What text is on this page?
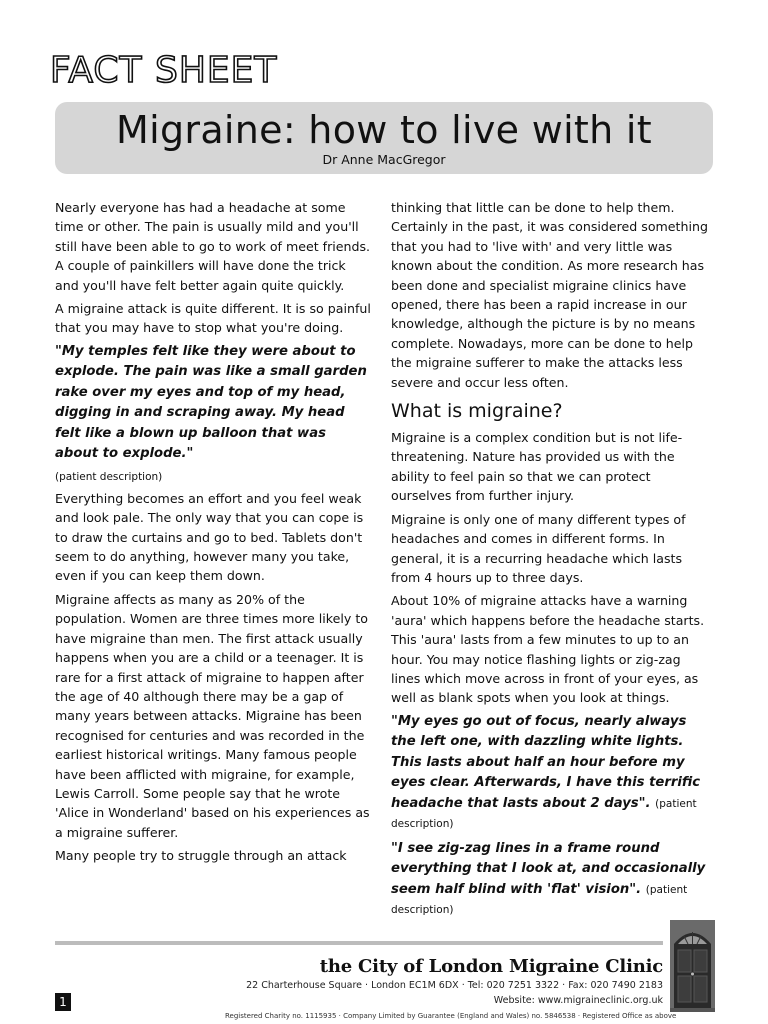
FACT SHEET
Migraine: how to live with it
Dr Anne MacGregor

Nearly everyone has had a headache at some time or other. The pain is usually mild and you'll still have been able to go to work of meet friends. A couple of painkillers will have done the trick and you'll have felt better again quite quickly.

A migraine attack is quite different. It is so painful that you may have to stop what you're doing.

"My temples felt like they were about to explode. The pain was like a small garden rake over my eyes and top of my head, digging in and scraping away. My head felt like a blown up balloon that was about to explode."

(patient description)

Everything becomes an effort and you feel weak and look pale. The only way that you can cope is to draw the curtains and go to bed. Tablets don't seem to do anything, however many you take, even if you can keep them down.

Migraine affects as many as 20% of the population. Women are three times more likely to have migraine than men. The first attack usually happens when you are a child or a teenager. It is rare for a first attack of migraine to happen after the age of 40 although there may be a gap of many years between attacks. Migraine has been recognised for centuries and was recorded in the earliest historical writings. Many famous people have been afflicted with migraine, for example, Lewis Carroll. Some people say that he wrote 'Alice in Wonderland' based on his experiences as a migraine sufferer.

Many people try to struggle through an attack

thinking that little can be done to help them. Certainly in the past, it was considered something that you had to 'live with' and very little was known about the condition. As more research has been done and specialist migraine clinics have opened, there has been a rapid increase in our knowledge, although the picture is by no means complete. Nowadays, more can be done to help the migraine sufferer to make the attacks less severe and occur less often.

What is migraine?

Migraine is a complex condition but is not life-threatening. Nature has provided us with the ability to feel pain so that we can protect ourselves from further injury.

Migraine is only one of many different types of headaches and comes in different forms. In general, it is a recurring headache which lasts from 4 hours up to three days.

About 10% of migraine attacks have a warning 'aura' which happens before the headache starts. This 'aura' lasts from a few minutes to up to an hour. You may notice flashing lights or zig-zag lines which move across in front of your eyes, as well as blank spots when you look at things.

"My eyes go out of focus, nearly always the left one, with dazzling white lights. This lasts about half an hour before my eyes clear. Afterwards, I have this terrific headache that lasts about 2 days". (patient description)

"I see zig-zag lines in a frame round everything that I look at, and occasionally seem half blind with 'flat' vision". (patient description)

the City of London Migraine Clinic
22 Charterhouse Square · London EC1M 6DX · Tel: 020 7251 3322 · Fax: 020 7490 2183
Website: www.migraineclinic.org.uk
Registered Charity no. 1115935 · Company Limited by Guarantee (England and Wales) no. 5846538 · Registered Office as above
1
